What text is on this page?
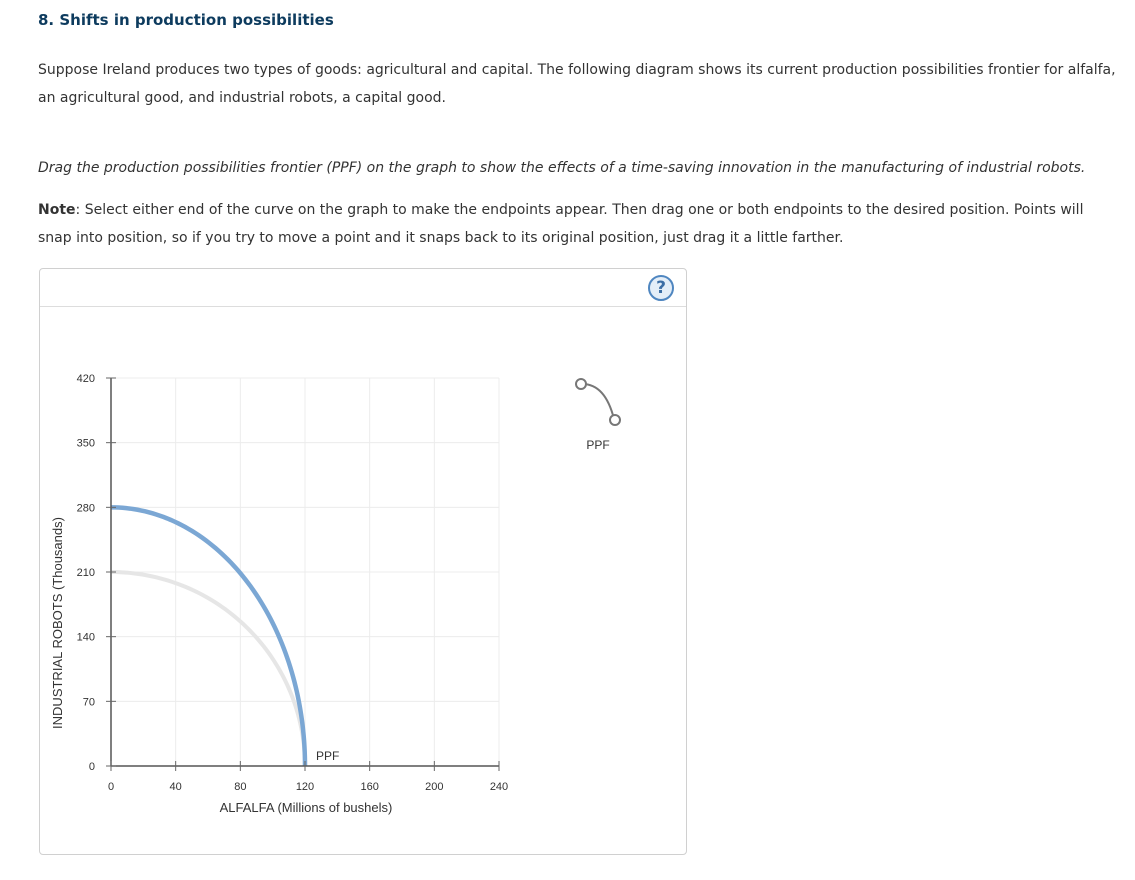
8. Shifts in production possibilities

Suppose Ireland produces two types of goods: agricultural and capital. The following diagram shows its current production possibilities frontier for alfalfa, an agricultural good, and industrial robots, a capital good.

Drag the production possibilities frontier (PPF) on the graph to show the effects of a time-saving innovation in the manufacturing of industrial robots.

Note: Select either end of the curve on the graph to make the endpoints appear. Then drag one or both endpoints to the desired position. Points will snap into position, so if you try to move a point and it snaps back to its original position, just drag it a little farther.

?
0	40	80	120	160	200	240
0
70
140
210
280
350
420
PPF
ALFALFA (Millions of bushels)
INDUSTRIAL ROBOTS (Thousands)
PPF
